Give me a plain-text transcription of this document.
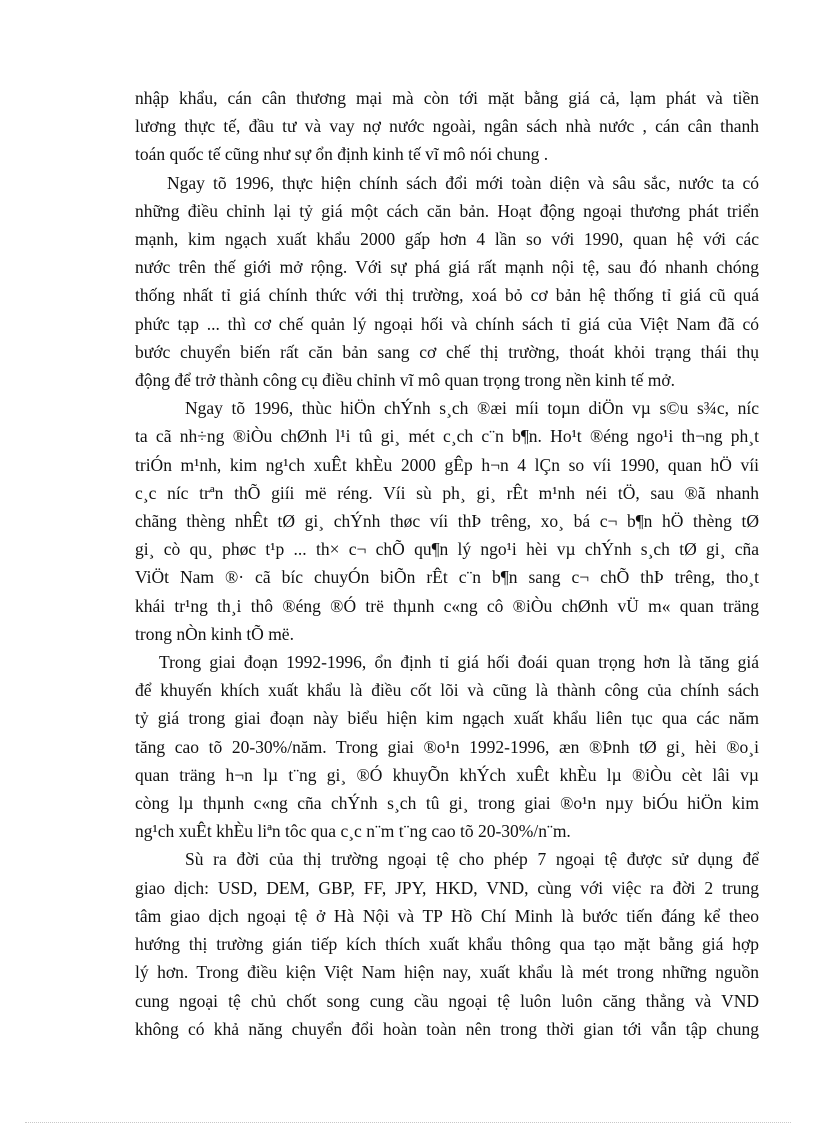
nhập khẩu, cán cân thương mại mà còn tới mặt bằng giá cả, lạm phát và tiền
lương thực tế, đầu tư và vay nợ nước ngoài, ngân sách nhà nước , cán cân thanh
toán quốc tế cũng như sự ổn định kinh tế vĩ mô nói chung .

Ngay tõ 1996, thực hiện chính sách đổi mới toàn diện và sâu sắc, nước ta có
những điều chỉnh lại tỷ giá một cách căn bản. Hoạt động ngoại thương phát triển
mạnh, kim ngạch xuất khẩu 2000 gấp hơn 4 lần so với 1990, quan hệ với các
nước trên thế giới mở rộng. Với sự phá giá rất mạnh nội tệ, sau đó nhanh chóng
thống nhất tỉ giá chính thức với thị trường, xoá bỏ cơ bản hệ thống tỉ giá cũ quá
phức tạp ... thì cơ chế quản lý ngoại hối và chính sách tỉ giá của Việt Nam đã có
bước chuyển biến rất căn bản sang cơ chế thị trường, thoát khỏi trạng thái thụ
động để trở thành công cụ điều chỉnh vĩ mô quan trọng trong nền kinh tế mở.

Ngay tõ 1996, thùc hiÖn chÝnh s¸ch ®æi míi toµn diÖn vµ s©u s¾c, níc
ta cã nh÷ng ®iÒu chØnh l¹i tû gi¸ mét c¸ch c¨n b¶n. Ho¹t ®éng ngo¹i th¬ng ph¸t
triÓn m¹nh, kim ng¹ch xuÊt khÈu 2000 gÊp h¬n 4 lÇn so víi 1990, quan hÖ víi
c¸c níc trªn thÕ giíi më réng. Víi sù ph¸ gi¸ rÊt m¹nh néi tÖ, sau ®ã nhanh
chãng thèng nhÊt tØ gi¸ chÝnh thøc víi thÞ trêng, xo¸ bá c¬ b¶n hÖ thèng tØ
gi¸ cò qu¸ phøc t¹p ... th× c¬ chÕ qu¶n lý ngo¹i hèi vµ chÝnh s¸ch tØ gi¸ cña
ViÖt Nam ®· cã bíc chuyÓn biÕn rÊt c¨n b¶n sang c¬ chÕ thÞ trêng, tho¸t
khái tr¹ng th¸i thô ®éng ®Ó trë thµnh c«ng cô ®iÒu chØnh vÜ m« quan träng
trong nÒn kinh tÕ më.

Trong giai đoạn 1992-1996, ổn định tỉ giá hối đoái quan trọng hơn là tăng giá
để khuyến khích xuất khẩu là điều cốt lõi và cũng là thành công của chính sách
tỷ giá trong giai đoạn này biểu hiện kim ngạch xuất khẩu liên tục qua các năm
tăng cao tõ 20-30%/năm. Trong giai ®o¹n 1992-1996, æn ®Þnh tØ gi¸ hèi ®o¸i
quan träng h¬n lµ t¨ng gi¸ ®Ó khuyÕn khÝch xuÊt khÈu lµ ®iÒu cèt lâi vµ
còng lµ thµnh c«ng cña chÝnh s¸ch tû gi¸ trong giai ®o¹n nµy biÓu hiÖn kim
ng¹ch xuÊt khÈu liªn tôc qua c¸c n¨m t¨ng cao tõ 20-30%/n¨m.

Sù ra đời của thị trường ngoại tệ cho phép 7 ngoại tệ được sử dụng để
giao dịch: USD, DEM, GBP, FF, JPY, HKD, VND, cùng với việc ra đời 2 trung
tâm giao dịch ngoại tệ ở Hà Nội và TP Hồ Chí Minh là bước tiến đáng kể theo
hướng thị trường gián tiếp kích thích xuất khẩu thông qua tạo mặt bằng giá hợp
lý hơn. Trong điều kiện Việt Nam hiện nay, xuất khẩu là mét trong những nguồn
cung ngoại tệ chủ chốt song cung cầu ngoại tệ luôn luôn căng thẳng và VND
không có khả năng chuyển đổi hoàn toàn nên trong thời gian tới vẫn tập chung
